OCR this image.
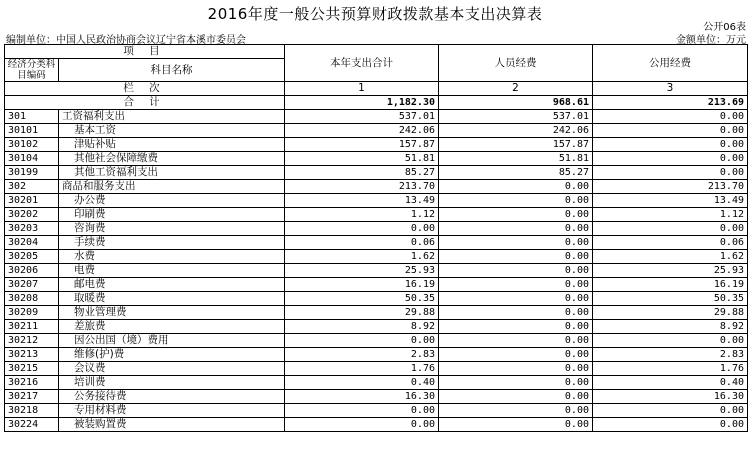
2016年度一般公共预算财政拨款基本支出决算表
公开06表
编制单位：中国人民政治协商会议辽宁省本溪市委员会	金额单位：万元
项 目		本年支出合计	人员经费	公用经费
经济分类科目编码	科目名称			

栏 次		1	2	3
合 计		1,182.30	968.61	213.69
301	工资福利支出	537.01	537.01	0.00
30101	基本工资	242.06	242.06	0.00
30102	津贴补贴	157.87	157.87	0.00
30104	其他社会保障缴费	51.81	51.81	0.00
30199	其他工资福利支出	85.27	85.27	0.00
302	商品和服务支出	213.70	0.00	213.70
30201	办公费	13.49	0.00	13.49
30202	印刷费	1.12	0.00	1.12
30203	咨询费	0.00	0.00	0.00
30204	手续费	0.06	0.00	0.06
30205	水费	1.62	0.00	1.62
30206	电费	25.93	0.00	25.93
30207	邮电费	16.19	0.00	16.19
30208	取暖费	50.35	0.00	50.35
30209	物业管理费	29.88	0.00	29.88
30211	差旅费	8.92	0.00	8.92
30212	因公出国（境）费用	0.00	0.00	0.00
30213	维修(护)费	2.83	0.00	2.83
30215	会议费	1.76	0.00	1.76
30216	培训费	0.40	0.00	0.40
30217	公务接待费	16.30	0.00	16.30
30218	专用材料费	0.00	0.00	0.00
30224	被装购置费	0.00	0.00	0.00
